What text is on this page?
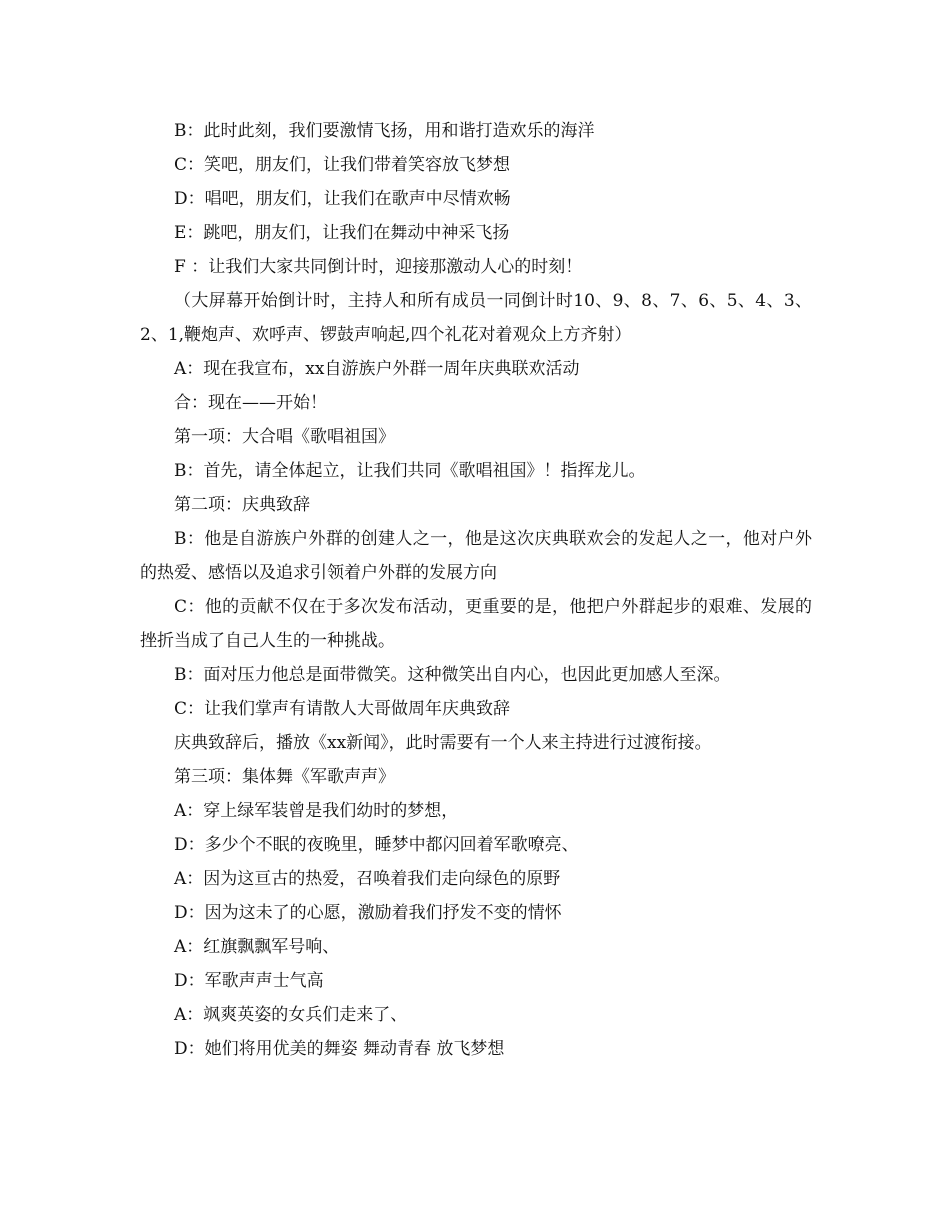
B：此时此刻，我们要激情飞扬，用和谐打造欢乐的海洋

C：笑吧，朋友们，让我们带着笑容放飞梦想

D：唱吧，朋友们，让我们在歌声中尽情欢畅

E：跳吧，朋友们，让我们在舞动中神采飞扬

F ：让我们大家共同倒计时，迎接那激动人心的时刻！

（大屏幕开始倒计时，主持人和所有成员一同倒计时10、9、8、7、6、5、4、3、2、1,鞭炮声、欢呼声、锣鼓声响起,四个礼花对着观众上方齐射）

A：现在我宣布，xx自游族户外群一周年庆典联欢活动

合：现在——开始！

第一项：大合唱《歌唱祖国》

B：首先，请全体起立，让我们共同《歌唱祖国》！指挥龙儿。

第二项：庆典致辞

B：他是自游族户外群的创建人之一，他是这次庆典联欢会的发起人之一，他对户外的热爱、感悟以及追求引领着户外群的发展方向

C：他的贡献不仅在于多次发布活动，更重要的是，他把户外群起步的艰难、发展的挫折当成了自己人生的一种挑战。

B：面对压力他总是面带微笑。这种微笑出自内心，也因此更加感人至深。

C：让我们掌声有请散人大哥做周年庆典致辞

庆典致辞后，播放《xx新闻》，此时需要有一个人来主持进行过渡衔接。

第三项：集体舞《军歌声声》

A：穿上绿军装曾是我们幼时的梦想，

D：多少个不眠的夜晚里，睡梦中都闪回着军歌嘹亮、

A：因为这亘古的热爱，召唤着我们走向绿色的原野

D：因为这未了的心愿，激励着我们抒发不变的情怀

A：红旗飘飘军号响、

D：军歌声声士气高

A：飒爽英姿的女兵们走来了、

D：她们将用优美的舞姿 舞动青春 放飞梦想
